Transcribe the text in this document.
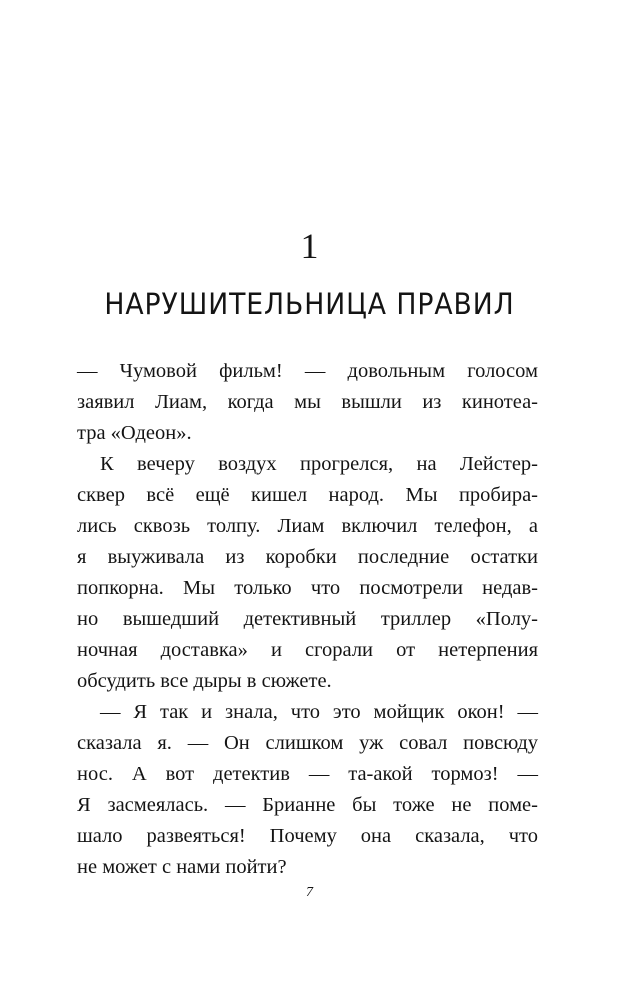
1
НАРУШИТЕЛЬНИЦА ПРАВИЛ
— Чумовой фильм! — довольным голосом
заявил Лиам, когда мы вышли из кинотеа-
тра «Одеон».
К вечеру воздух прогрелся, на Лейстер-
сквер всё ещё кишел народ. Мы пробира-
лись сквозь толпу. Лиам включил телефон, а
я выуживала из коробки последние остатки
попкорна. Мы только что посмотрели недав-
но вышедший детективный триллер «Полу-
ночная доставка» и сгорали от нетерпения
обсудить все дыры в сюжете.
— Я так и знала, что это мойщик окон! —
сказала я. — Он слишком уж совал повсюду
нос. А вот детектив — та-акой тормоз! —
Я засмеялась. — Брианне бы тоже не поме-
шало развеяться! Почему она сказала, что
не может с нами пойти?
7
